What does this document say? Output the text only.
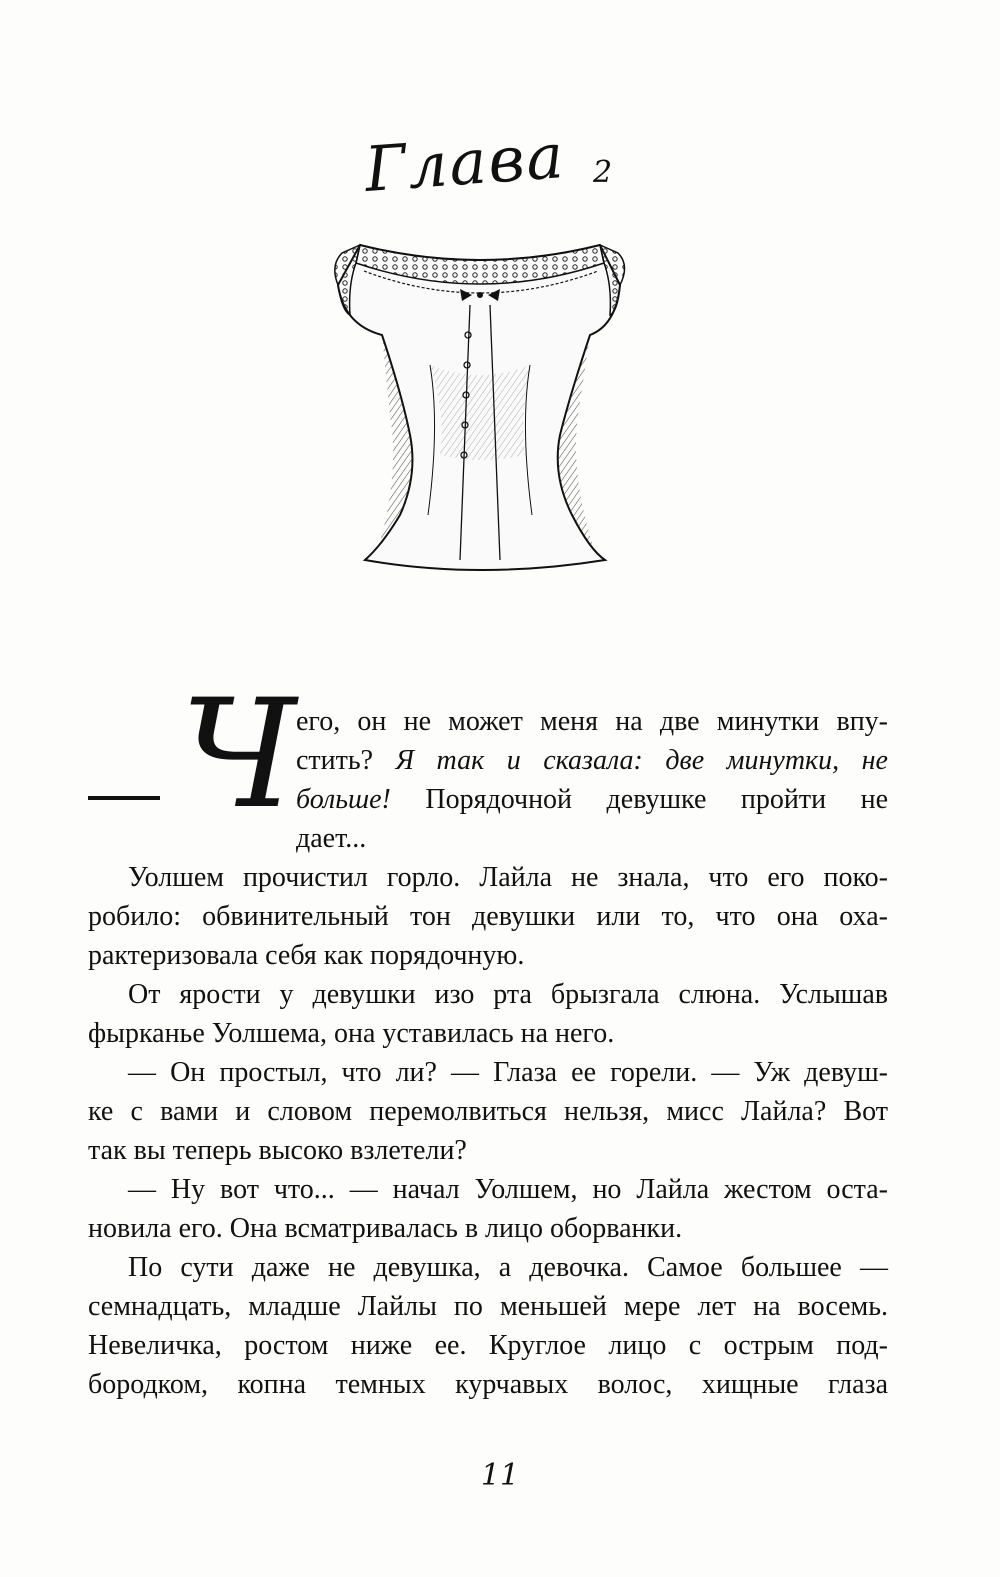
Глава 2
Ч его, он не может меня на две минутки впу-
стить? Я так и сказала: две минутки, не
больше! Порядочной девушке пройти не
дает...
Уолшем прочистил горло. Лайла не знала, что его поко-
робило: обвинительный тон девушки или то, что она оха-
рактеризовала себя как порядочную.
От ярости у девушки изо рта брызгала слюна. Услышав
фырканье Уолшема, она уставилась на него.
— Он простыл, что ли? — Глаза ее горели. — Уж девуш-
ке с вами и словом перемолвиться нельзя, мисс Лайла? Вот
так вы теперь высоко взлетели?
— Ну вот что... — начал Уолшем, но Лайла жестом оста-
новила его. Она всматривалась в лицо оборванки.
По сути даже не девушка, а девочка. Самое большее —
семнадцать, младше Лайлы по меньшей мере лет на восемь.
Невеличка, ростом ниже ее. Круглое лицо с острым под-
бородком, копна темных курчавых волос, хищные глаза
11
